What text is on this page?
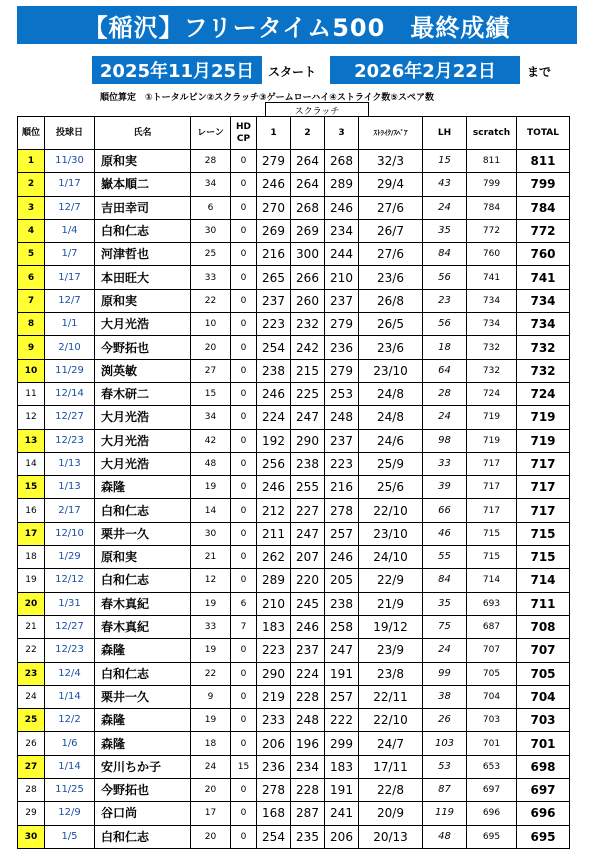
【稲沢】フリータイム500　最終成績
2025年11月25日	スタート	2026年2月22日	まで
順位算定　①トータルピン②スクラッチ③ゲームローハイ④ストライク数⑤スペア数
スクラッチ
順位	投球日	氏名	レーン	HD CP	1	2	3	ｽﾄﾗｲｸ/ｽﾍﾟｱ	LH	scratch	TOTAL
1	11/30	原和実	28	0	279	264	268	32/3	15	811	811
2	1/17	嶽本順二	34	0	246	264	289	29/4	43	799	799
3	12/7	吉田幸司	6	0	270	268	246	27/6	24	784	784
4	1/4	白和仁志	30	0	269	269	234	26/7	35	772	772
5	1/7	河津哲也	25	0	216	300	244	27/6	84	760	760
6	1/17	本田旺大	33	0	265	266	210	23/6	56	741	741
7	12/7	原和実	22	0	237	260	237	26/8	23	734	734
8	1/1	大月光浩	10	0	223	232	279	26/5	56	734	734
9	2/10	今野拓也	20	0	254	242	236	23/6	18	732	732
10	11/29	渕英敏	27	0	238	215	279	23/10	64	732	732
11	12/14	春木研二	15	0	246	225	253	24/8	28	724	724
12	12/27	大月光浩	34	0	224	247	248	24/8	24	719	719
13	12/23	大月光浩	42	0	192	290	237	24/6	98	719	719
14	1/13	大月光浩	48	0	256	238	223	25/9	33	717	717
15	1/13	森隆	19	0	246	255	216	25/6	39	717	717
16	2/17	白和仁志	14	0	212	227	278	22/10	66	717	717
17	12/10	栗井一久	30	0	211	247	257	23/10	46	715	715
18	1/29	原和実	21	0	262	207	246	24/10	55	715	715
19	12/12	白和仁志	12	0	289	220	205	22/9	84	714	714
20	1/31	春木真紀	19	6	210	245	238	21/9	35	693	711
21	12/27	春木真紀	33	7	183	246	258	19/12	75	687	708
22	12/23	森隆	19	0	223	237	247	23/9	24	707	707
23	12/4	白和仁志	22	0	290	224	191	23/8	99	705	705
24	1/14	栗井一久	9	0	219	228	257	22/11	38	704	704
25	12/2	森隆	19	0	233	248	222	22/10	26	703	703
26	1/6	森隆	18	0	206	196	299	24/7	103	701	701
27	1/14	安川ちか子	24	15	236	234	183	17/11	53	653	698
28	11/25	今野拓也	20	0	278	228	191	22/8	87	697	697
29	12/9	谷口尚	17	0	168	287	241	20/9	119	696	696
30	1/5	白和仁志	20	0	254	235	206	20/13	48	695	695
